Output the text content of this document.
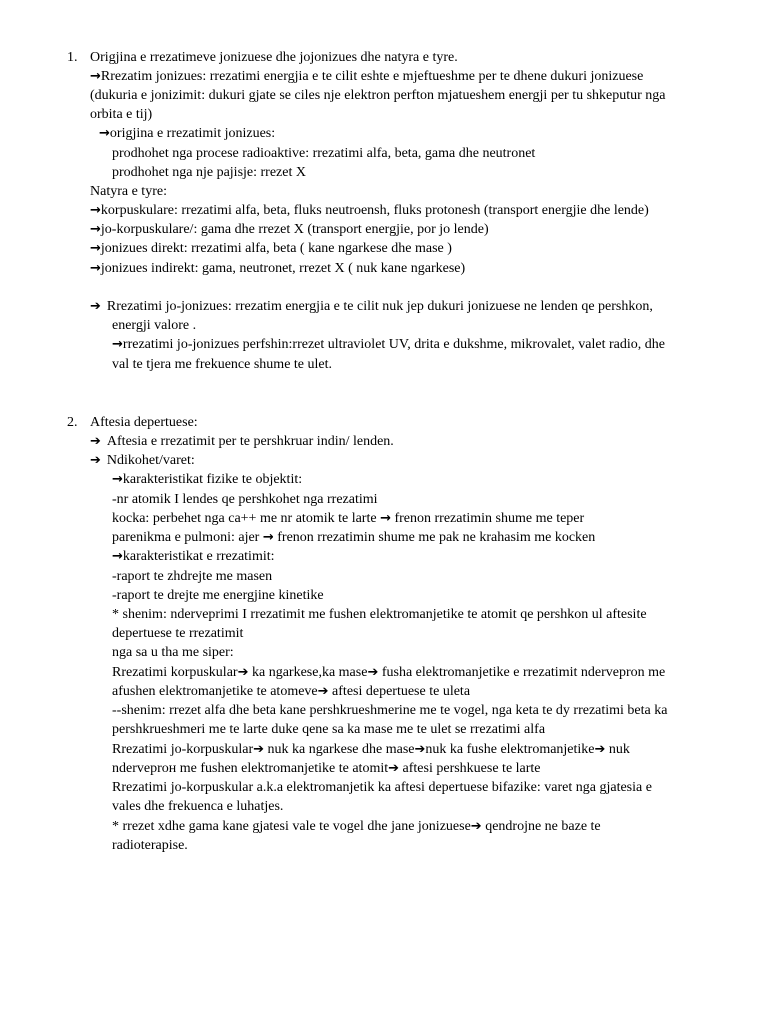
1. Origjina e rrezatimeve jonizuese dhe jojonizues dhe natyra e tyre.
→Rrezatim jonizues: rrezatimi energjia e te cilit eshte e mjeftueshme per te dhene dukuri jonizuese
(dukuria e jonizimit: dukuri gjate se ciles nje elektron perfton mjatueshem energji per tu shkeputur nga
orbita e tij)
→origjina e rrezatimit jonizues:
prodhohet nga procese radioaktive: rrezatimi alfa, beta, gama dhe neutronet
prodhohet nga nje pajisje: rrezet X
Natyra e tyre:
→korpuskulare: rrezatimi alfa, beta, fluks neutroensh, fluks protonesh (transport energjie dhe lende)
→jo-korpuskulare/: gama dhe rrezet X (transport energjie, por jo lende)
→jonizues direkt: rrezatimi alfa, beta ( kane ngarkese dhe mase )
→jonizues indirekt: gama, neutronet, rrezet X ( nuk kane ngarkese)
➔ Rrezatimi jo-jonizues: rrezatim energjia e te cilit nuk jep dukuri jonizuese ne lenden qe pershkon,
energji valore .
→rrezatimi jo-jonizues perfshin:rrezet ultraviolet UV, drita e dukshme, mikrovalet, valet radio, dhe
val te tjera me frekuence shume te ulet.
2. Aftesia depertuese:
➔ Aftesia e rrezatimit per te pershkruar indin/ lenden.
➔ Ndikohet/varet:
→karakteristikat fizike te objektit:
-nr atomik I lendes qe pershkohet nga rrezatimi
kocka: perbehet nga ca++ me nr atomik te larte → frenon rrezatimin shume me teper
parenikma e pulmoni: ajer → frenon rrezatimin shume me pak ne krahasim me kocken
→karakteristikat e rrezatimit:
-raport te zhdrejte me masen
-raport te drejte me energjine kinetike
* shenim: nderveprimi I rrezatimit me fushen elektromanjetike te atomit qe pershkon ul aftesite
depertuese te rrezatimit
nga sa u tha me siper:
Rrezatimi korpuskular➔ ka ngarkese,ka mase➔ fusha elektromanjetike e rrezatimit ndervepron me
afushen elektromanjetike te atomeve➔ aftesi depertuese te uleta
--shenim: rrezet alfa dhe beta kane pershkrueshmerine me te vogel, nga keta te dy rrezatimi beta ka
pershkrueshmeri me te larte duke qene sa ka mase me te ulet se rrezatimi alfa
Rrezatimi jo-korpuskular➔ nuk ka ngarkese dhe mase➔nuk ka fushe elektromanjetike➔ nuk
nderveprон me fushen elektromanjetike te atomit➔ aftesi pershkuese te larte
Rrezatimi jo-korpuskular a.k.a elektromanjetik ka aftesi depertuese bifazike: varet nga gjatesia e
vales dhe frekuenca e luhatjes.
* rrezet xdhe gama kane gjatesi vale te vogel dhe jane jonizuese➔ qendrojne ne baze te
radioterapise.
